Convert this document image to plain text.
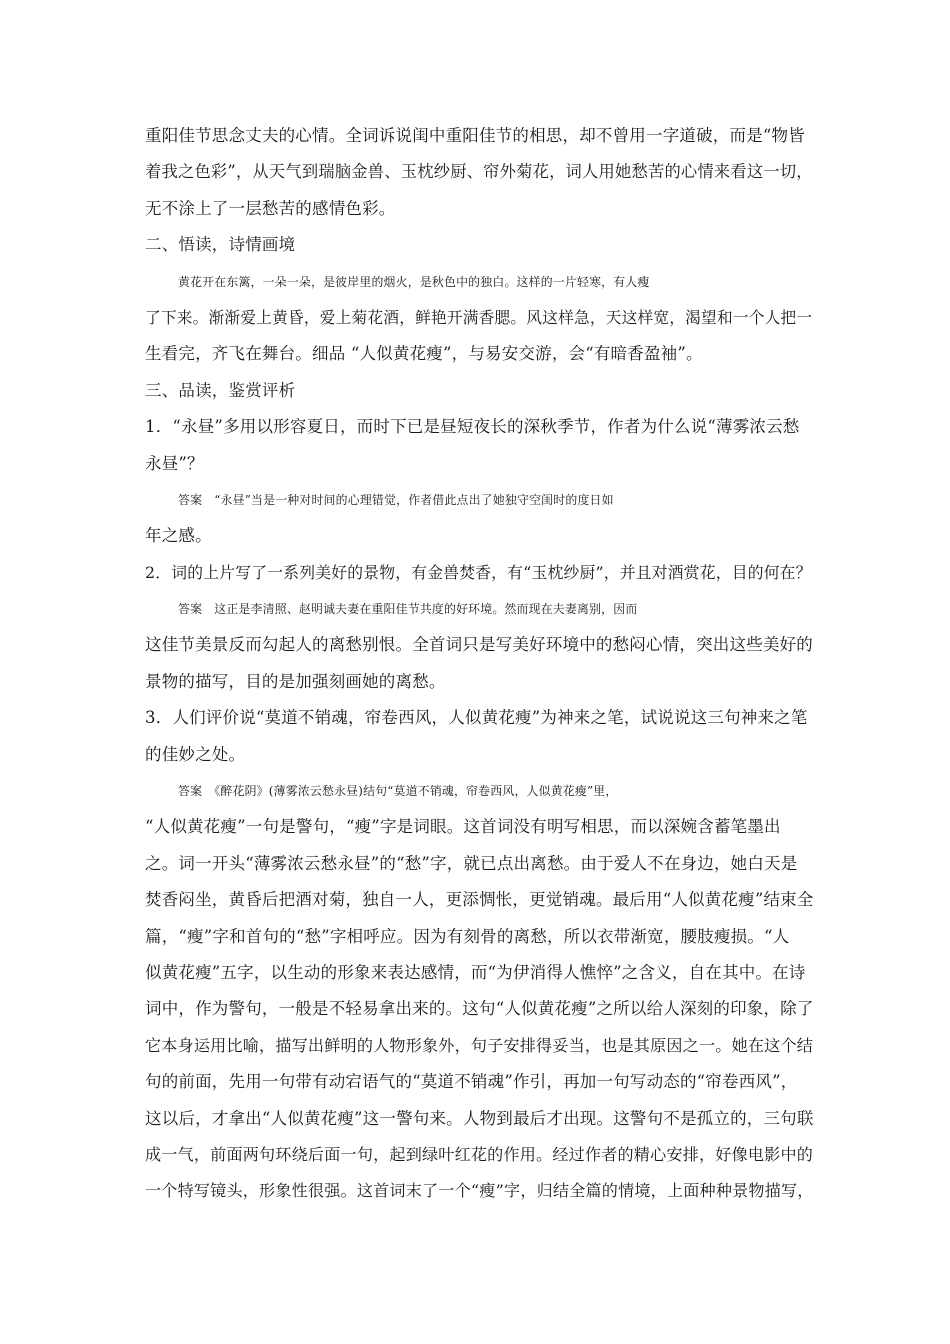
重阳佳节思念丈夫的心情。全词诉说闺中重阳佳节的相思，却不曾用一字道破，而是“物皆
着我之色彩”，从天气到瑞脑金兽、玉枕纱厨、帘外菊花，词人用她愁苦的心情来看这一切，
无不涂上了一层愁苦的感情色彩。
二、悟读，诗情画境
黄花开在东篱，一朵一朵，是彼岸里的烟火，是秋色中的独白。这样的一片轻寒，有人瘦
了下来。渐渐爱上黄昏，爱上菊花酒，鲜艳开满香腮。风这样急，天这样宽，渴望和一个人把一
生看完，齐飞在舞台。细品 “人似黄花瘦”，与易安交游，会“有暗香盈袖”。
三、品读，鉴赏评析
1．“永昼”多用以形容夏日，而时下已是昼短夜长的深秋季节，作者为什么说“薄雾浓云愁
永昼”？
答案　“永昼”当是一种对时间的心理错觉，作者借此点出了她独守空闺时的度日如
年之感。
2．词的上片写了一系列美好的景物，有金兽焚香，有“玉枕纱厨”，并且对酒赏花，目的何在？
答案　这正是李清照、赵明诚夫妻在重阳佳节共度的好环境。然而现在夫妻离别，因而
这佳节美景反而勾起人的离愁别恨。全首词只是写美好环境中的愁闷心情，突出这些美好的
景物的描写，目的是加强刻画她的离愁。
3．人们评价说“莫道不销魂，帘卷西风，人似黄花瘦”为神来之笔，试说说这三句神来之笔
的佳妙之处。
答案　《醉花阴》(薄雾浓云愁永昼)结句“莫道不销魂，帘卷西风，人似黄花瘦”里，
“人似黄花瘦”一句是警句，“瘦”字是词眼。这首词没有明写相思，而以深婉含蓄笔墨出
之。词一开头“薄雾浓云愁永昼”的“愁”字，就已点出离愁。由于爱人不在身边，她白天是
焚香闷坐，黄昏后把酒对菊，独自一人，更添惆怅，更觉销魂。最后用“人似黄花瘦”结束全
篇，“瘦”字和首句的“愁”字相呼应。因为有刻骨的离愁，所以衣带渐宽，腰肢瘦损。“人
似黄花瘦”五字，以生动的形象来表达感情，而“为伊消得人憔悴”之含义，自在其中。在诗
词中，作为警句，一般是不轻易拿出来的。这句“人似黄花瘦”之所以给人深刻的印象，除了
它本身运用比喻，描写出鲜明的人物形象外，句子安排得妥当，也是其原因之一。她在这个结
句的前面，先用一句带有动宕语气的“莫道不销魂”作引，再加一句写动态的“帘卷西风”，
这以后，才拿出“人似黄花瘦”这一警句来。人物到最后才出现。这警句不是孤立的，三句联
成一气，前面两句环绕后面一句，起到绿叶红花的作用。经过作者的精心安排，好像电影中的
一个特写镜头，形象性很强。这首词末了一个“瘦”字，归结全篇的情境，上面种种景物描写，
